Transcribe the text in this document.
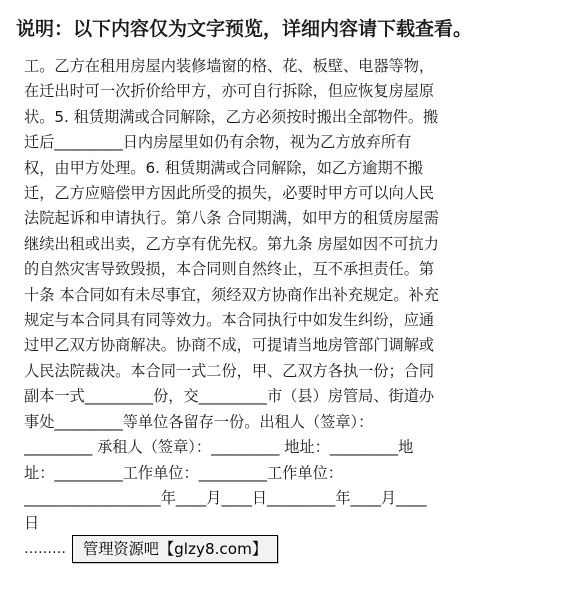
说明：以下内容仅为文字预览，详细内容请下载查看。
工。乙方在租用房屋内装修墙窗的格、花、板壁、电器等物，
在迁出时可一次折价给甲方，亦可自行拆除，但应恢复房屋原
状。5. 租赁期满或合同解除，乙方必须按时搬出全部物件。搬
迁后_________日内房屋里如仍有余物，视为乙方放弃所有
权，由甲方处理。6. 租赁期满或合同解除，如乙方逾期不搬
迁，乙方应赔偿甲方因此所受的损失，必要时甲方可以向人民
法院起诉和申请执行。第八条 合同期满，如甲方的租赁房屋需
继续出租或出卖，乙方享有优先权。第九条 房屋如因不可抗力
的自然灾害导致毁损，本合同则自然终止，互不承担责任。第
十条 本合同如有未尽事宜，须经双方协商作出补充规定。补充
规定与本合同具有同等效力。本合同执行中如发生纠纷，应通
过甲乙双方协商解决。协商不成，可提请当地房管部门调解或
人民法院裁决。本合同一式二份，甲、乙双方各执一份；合同
副本一式_________份，交_________市（县）房管局、街道办
事处_________等单位各留存一份。出租人（签章）：
_________ 承租人（签章）：_________ 地址：_________地
址：_________工作单位：_________工作单位：
__________________年____月____日_________年____月____
日
………	管理资源吧【glzy8.com】
